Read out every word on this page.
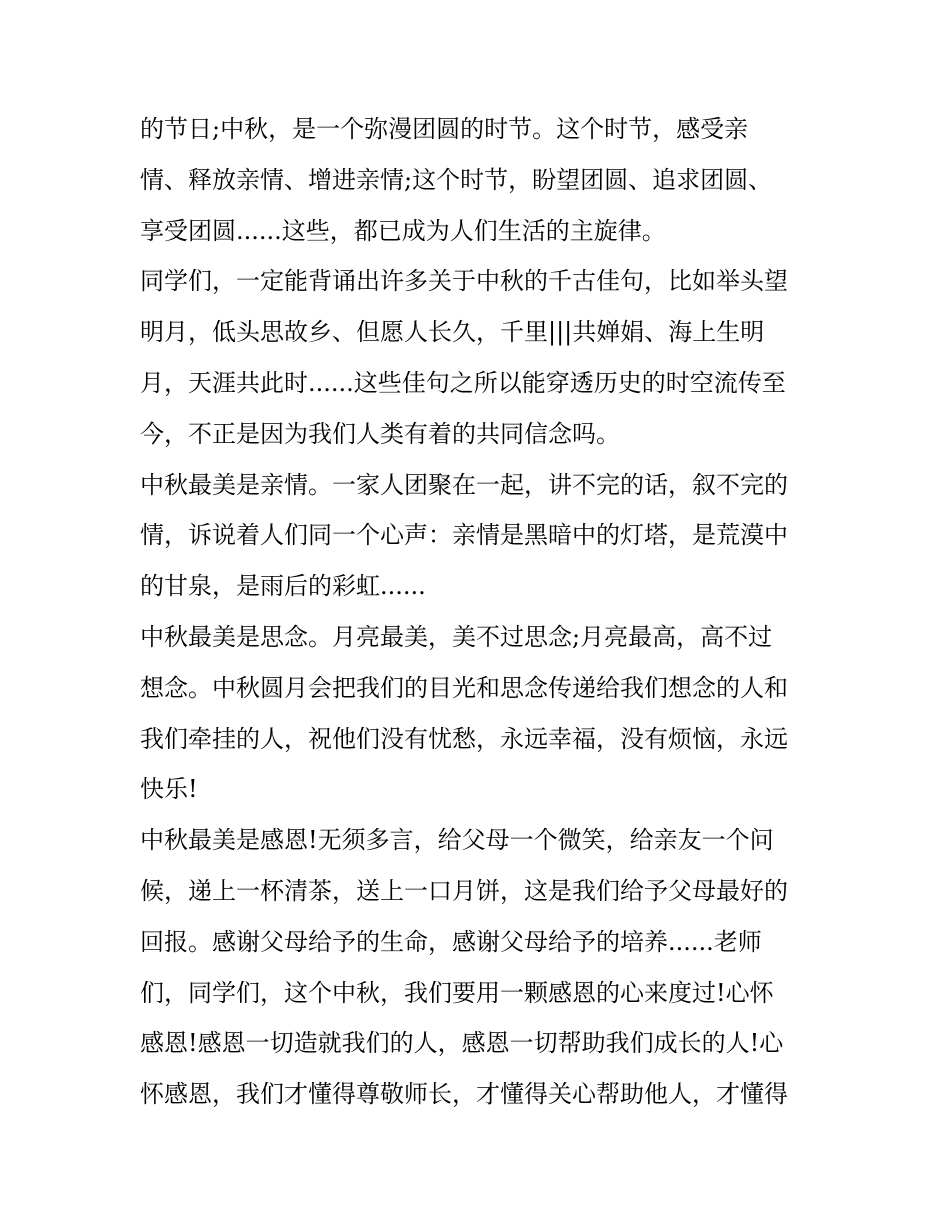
的节日;中秋，是一个弥漫团圆的时节。这个时节，感受亲
情、释放亲情、增进亲情;这个时节，盼望团圆、追求团圆、
享受团圆......这些，都已成为人们生活的主旋律。
同学们，一定能背诵出许多关于中秋的千古佳句，比如举头望
明月，低头思故乡、但愿人长久，千里|||共婵娟、海上生明
月，天涯共此时......这些佳句之所以能穿透历史的时空流传至
今，不正是因为我们人类有着的共同信念吗。
中秋最美是亲情。一家人团聚在一起，讲不完的话，叙不完的
情，诉说着人们同一个心声：亲情是黑暗中的灯塔，是荒漠中
的甘泉，是雨后的彩虹......
中秋最美是思念。月亮最美，美不过思念;月亮最高，高不过
想念。中秋圆月会把我们的目光和思念传递给我们想念的人和
我们牵挂的人，祝他们没有忧愁，永远幸福，没有烦恼，永远
快乐!
中秋最美是感恩!无须多言，给父母一个微笑，给亲友一个问
候，递上一杯清茶，送上一口月饼，这是我们给予父母最好的
回报。感谢父母给予的生命，感谢父母给予的培养......老师
们，同学们，这个中秋，我们要用一颗感恩的心来度过!心怀
感恩!感恩一切造就我们的人，感恩一切帮助我们成长的人!心
怀感恩，我们才懂得尊敬师长，才懂得关心帮助他人，才懂得
